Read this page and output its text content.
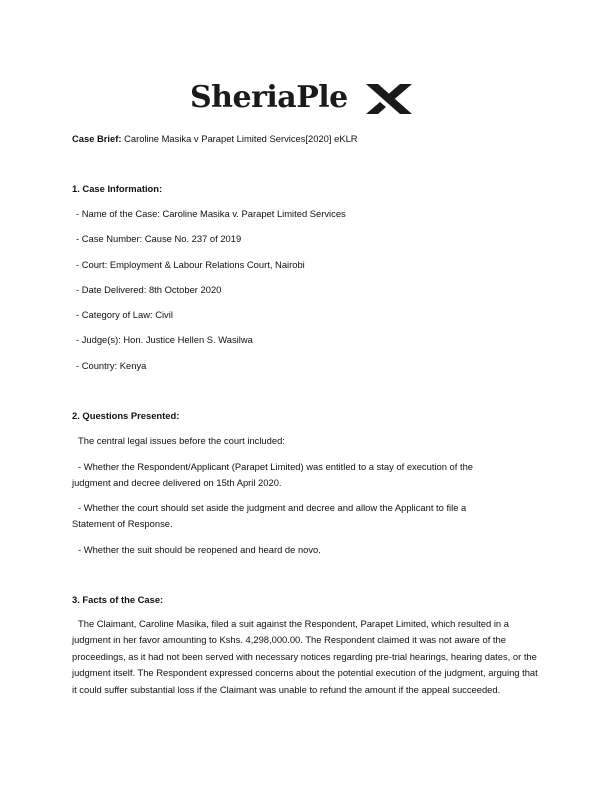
SheriaPle
Case Brief: Caroline Masika v Parapet Limited Services[2020] eKLR
1. Case Information:
- Name of the Case: Caroline Masika v. Parapet Limited Services
- Case Number: Cause No. 237 of 2019
- Court: Employment & Labour Relations Court, Nairobi
- Date Delivered: 8th October 2020
- Category of Law: Civil
- Judge(s): Hon. Justice Hellen S. Wasilwa
- Country: Kenya
2. Questions Presented:
The central legal issues before the court included:
- Whether the Respondent/Applicant (Parapet Limited) was entitled to a stay of execution of the
judgment and decree delivered on 15th April 2020.
- Whether the court should set aside the judgment and decree and allow the Applicant to file a
Statement of Response.
- Whether the suit should be reopened and heard de novo.
3. Facts of the Case:
The Claimant, Caroline Masika, filed a suit against the Respondent, Parapet Limited, which resulted in a judgment in her favor amounting to Kshs. 4,298,000.00. The Respondent claimed it was not aware of the proceedings, as it had not been served with necessary notices regarding pre-trial hearings, hearing dates, or the judgment itself. The Respondent expressed concerns about the potential execution of the judgment, arguing that it could suffer substantial loss if the Claimant was unable to refund the amount if the appeal succeeded.
